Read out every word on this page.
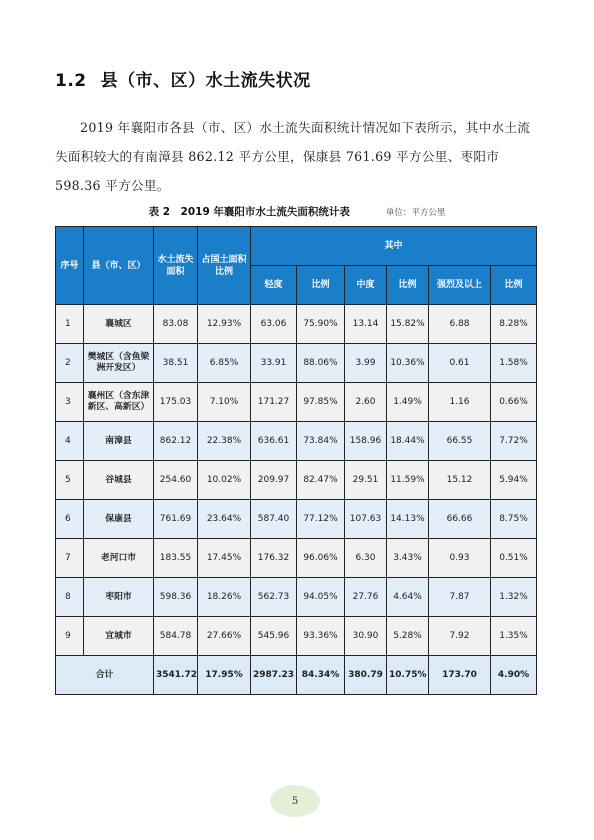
1.2 县（市、区）水土流失状况
2019 年襄阳市各县（市、区）水土流失面积统计情况如下表所示，其中水土流失面积较大的有南漳县 862.12 平方公里，保康县 761.69 平方公里、枣阳市 598.36 平方公里。
表 2　2019 年襄阳市水土流失面积统计表	单位：平方公里
序号	县（市、区）	水土流失面积	占国土面积比例	其中					
				轻度	比例	中度	比例	强烈及以上	比例
1	襄城区	83.08	12.93%	63.06	75.90%	13.14	15.82%	6.88	8.28%
2	樊城区（含鱼梁洲开发区）	38.51	6.85%	33.91	88.06%	3.99	10.36%	0.61	1.58%
3	襄州区（含东津新区、高新区）	175.03	7.10%	171.27	97.85%	2.60	1.49%	1.16	0.66%
4	南漳县	862.12	22.38%	636.61	73.84%	158.96	18.44%	66.55	7.72%
5	谷城县	254.60	10.02%	209.97	82.47%	29.51	11.59%	15.12	5.94%
6	保康县	761.69	23.64%	587.40	77.12%	107.63	14.13%	66.66	8.75%
7	老河口市	183.55	17.45%	176.32	96.06%	6.30	3.43%	0.93	0.51%
8	枣阳市	598.36	18.26%	562.73	94.05%	27.76	4.64%	7.87	1.32%
9	宜城市	584.78	27.66%	545.96	93.36%	30.90	5.28%	7.92	1.35%
合计		3541.72	17.95%	2987.23	84.34%	380.79	10.75%	173.70	4.90%
5
